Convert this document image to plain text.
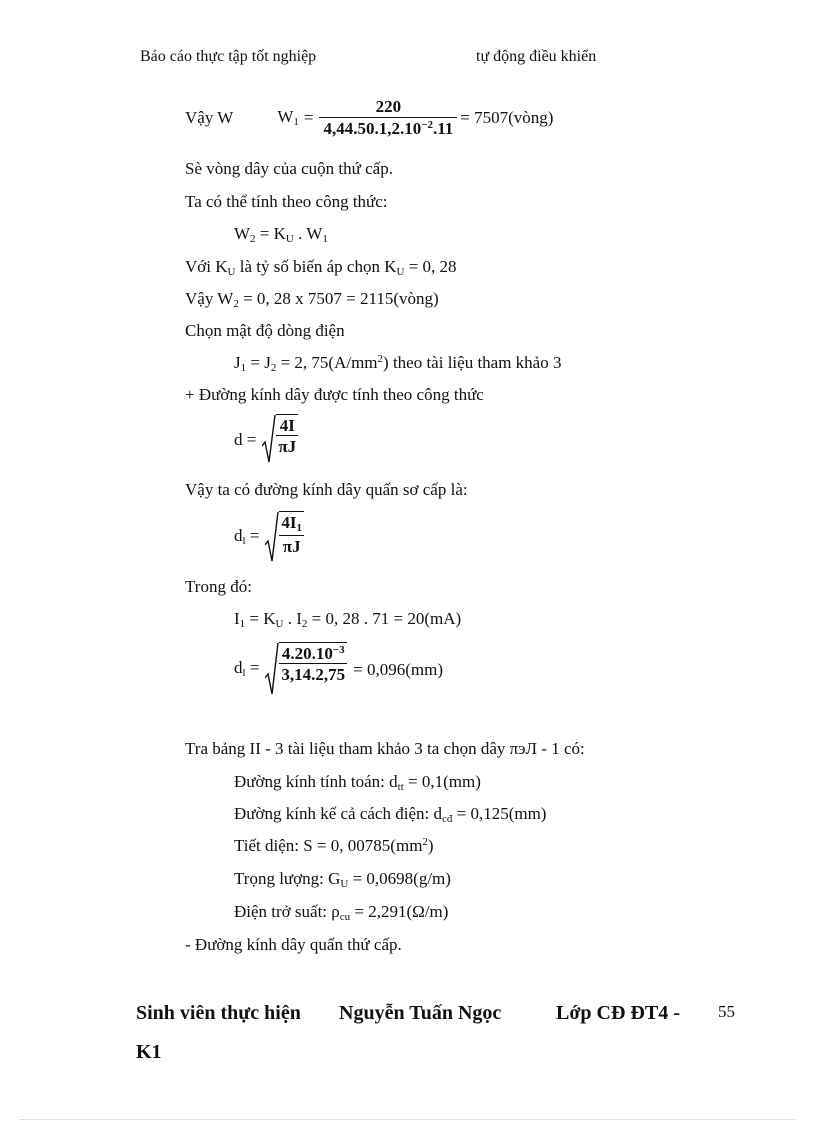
Báo cáo thực tập tốt nghiệp	tự động điều khiển
Vậy W	$W_1 = \frac{220}{4,44.50.1,2.10^{-2}.11}$ = 7507(vòng)
Sè vòng dây của cuộn thứ cấp.
Ta có thể tính theo công thức:
$W_2 = K_U$ . $W_1$
Với $K_U$ là tỷ số biến áp chọn $K_U = 0$, 28
Vậy $W_2 = 0$, 28 x 7507 = 2115(vòng)
Chọn mật độ dòng điện
$J_1 = J_2 = 2$, $75(A/mm^2)$ theo tài liệu tham khảo 3
+ Đường kính dây được tính theo công thức
$d = \frac{4I}{\pi J}$
Vậy ta có đường kính dây quấn sơ cấp là:
$d_l = \frac{4I_1}{\pi J}$
Trong đó:
$I_1 = K_U$ . $I_2 = 0$, 28 . 71 = 20(mA)
$d_l = \frac{4.20.10^{-3}}{3,14.2,75} = 0,096(mm)$
Tra bảng II - 3 tài liệu tham khảo 3 ta chọn dây πэЛ - 1 có:
Đường kính tính toán: $d_{tt} = 0,1(mm)$
Đường kính kể cả cách điện: $d_{cđ} = 0,125(mm)$
Tiết diện: S = 0, $00785(mm^2)$
Trọng lượng: $G_U = 0,0698(g/m)$
Điện trở suất: $\rho_{cu} = 2,291(\Omega/m)$
- Đường kính dây quấn thứ cấp.
Sinh viên thực hiện Nguyễn Tuấn Ngọc	Lớp CĐ ĐT4 - 55
K1
